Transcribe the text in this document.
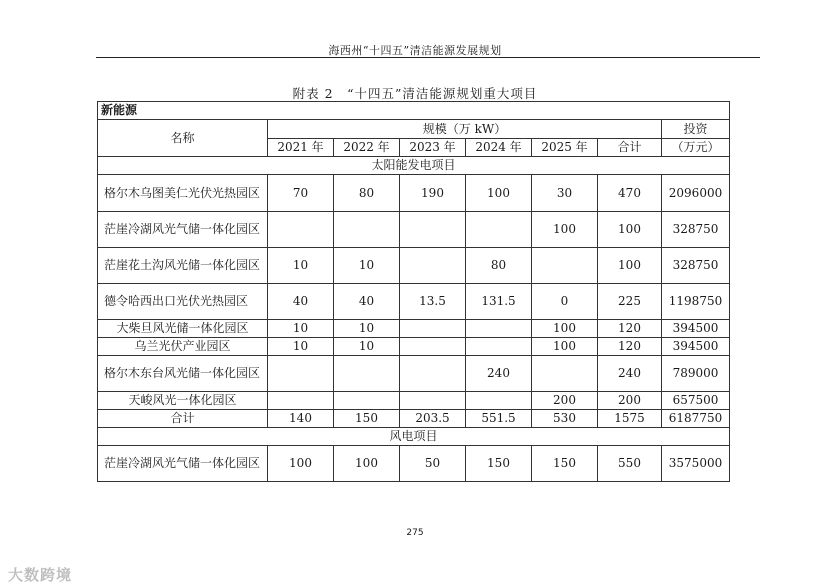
海西州“十四五”清洁能源发展规划
附表 2　“十四五”清洁能源规划重大项目
新能源							
名称	规模（万 kW）						投资
	2021 年	2022 年	2023 年	2024 年	2025 年	合计	（万元）
太阳能发电项目							
格尔木乌图美仁光伏光热园区	70	80	190	100	30	470	2096000
茫崖冷湖风光气储一体化园区					100	100	328750
茫崖花土沟风光储一体化园区	10	10		80		100	328750
德令哈西出口光伏光热园区	40	40	13.5	131.5	0	225	1198750
大柴旦风光储一体化园区	10	10			100	120	394500
乌兰光伏产业园区	10	10			100	120	394500
格尔木东台风光储一体化园区				240		240	789000
天峻风光一体化园区					200	200	657500
合计	140	150	203.5	551.5	530	1575	6187750
风电项目							
茫崖冷湖风光气储一体化园区	100	100	50	150	150	550	3575000
275
大数跨境
